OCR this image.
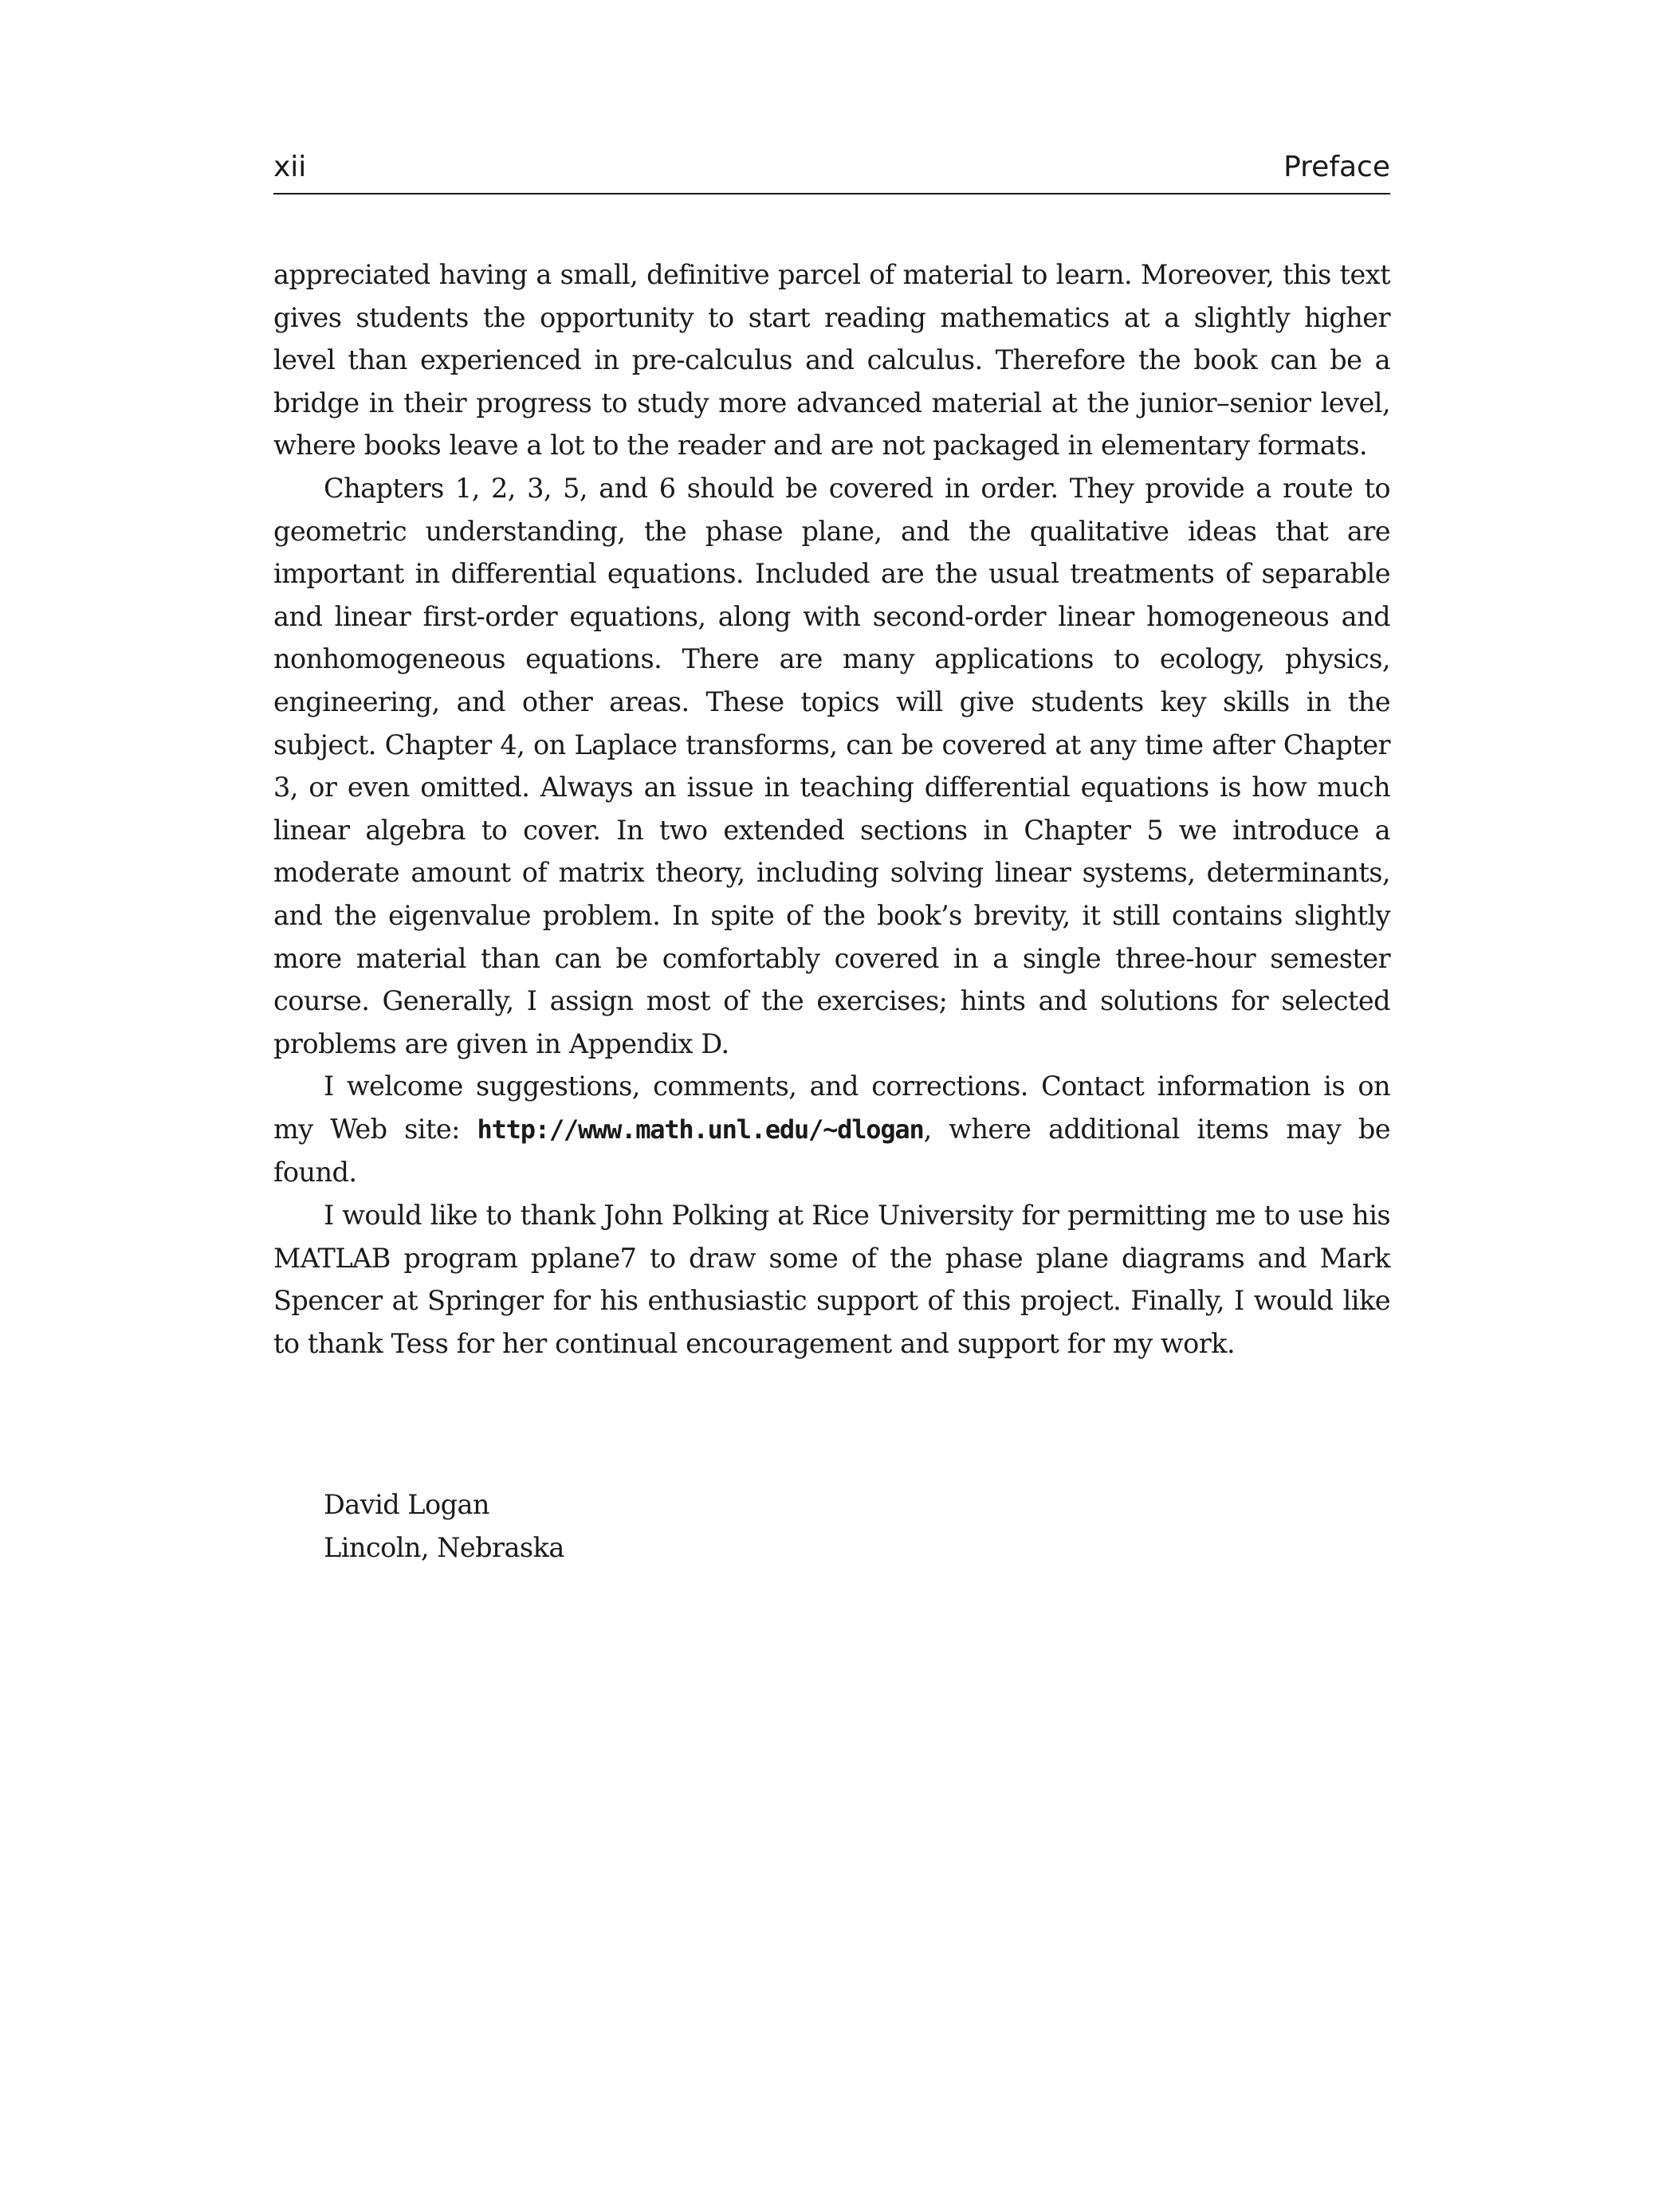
xii	Preface

appreciated having a small, definitive parcel of material to learn. Moreover, this text gives students the opportunity to start reading mathematics at a slightly higher level than experienced in pre-calculus and calculus. Therefore the book can be a bridge in their progress to study more advanced material at the junior–senior level, where books leave a lot to the reader and are not packaged in elementary formats.

Chapters 1, 2, 3, 5, and 6 should be covered in order. They provide a route to geometric understanding, the phase plane, and the qualitative ideas that are important in differential equations. Included are the usual treatments of separable and linear first-order equations, along with second-order linear homogeneous and nonhomogeneous equations. There are many applications to ecology, physics, engineering, and other areas. These topics will give students key skills in the subject. Chapter 4, on Laplace transforms, can be covered at any time after Chapter 3, or even omitted. Always an issue in teaching differential equations is how much linear algebra to cover. In two extended sections in Chapter 5 we introduce a moderate amount of matrix theory, including solving linear systems, determinants, and the eigenvalue problem. In spite of the book’s brevity, it still contains slightly more material than can be comfortably covered in a single three-hour semester course. Generally, I assign most of the exercises; hints and solutions for selected problems are given in Appendix D.

I welcome suggestions, comments, and corrections. Contact information is on my Web site: http://www.math.unl.edu/~dlogan, where additional items may be found.

I would like to thank John Polking at Rice University for permitting me to use his MATLAB program pplane7 to draw some of the phase plane diagrams and Mark Spencer at Springer for his enthusiastic support of this project. Finally, I would like to thank Tess for her continual encouragement and support for my work.

David Logan
Lincoln, Nebraska
